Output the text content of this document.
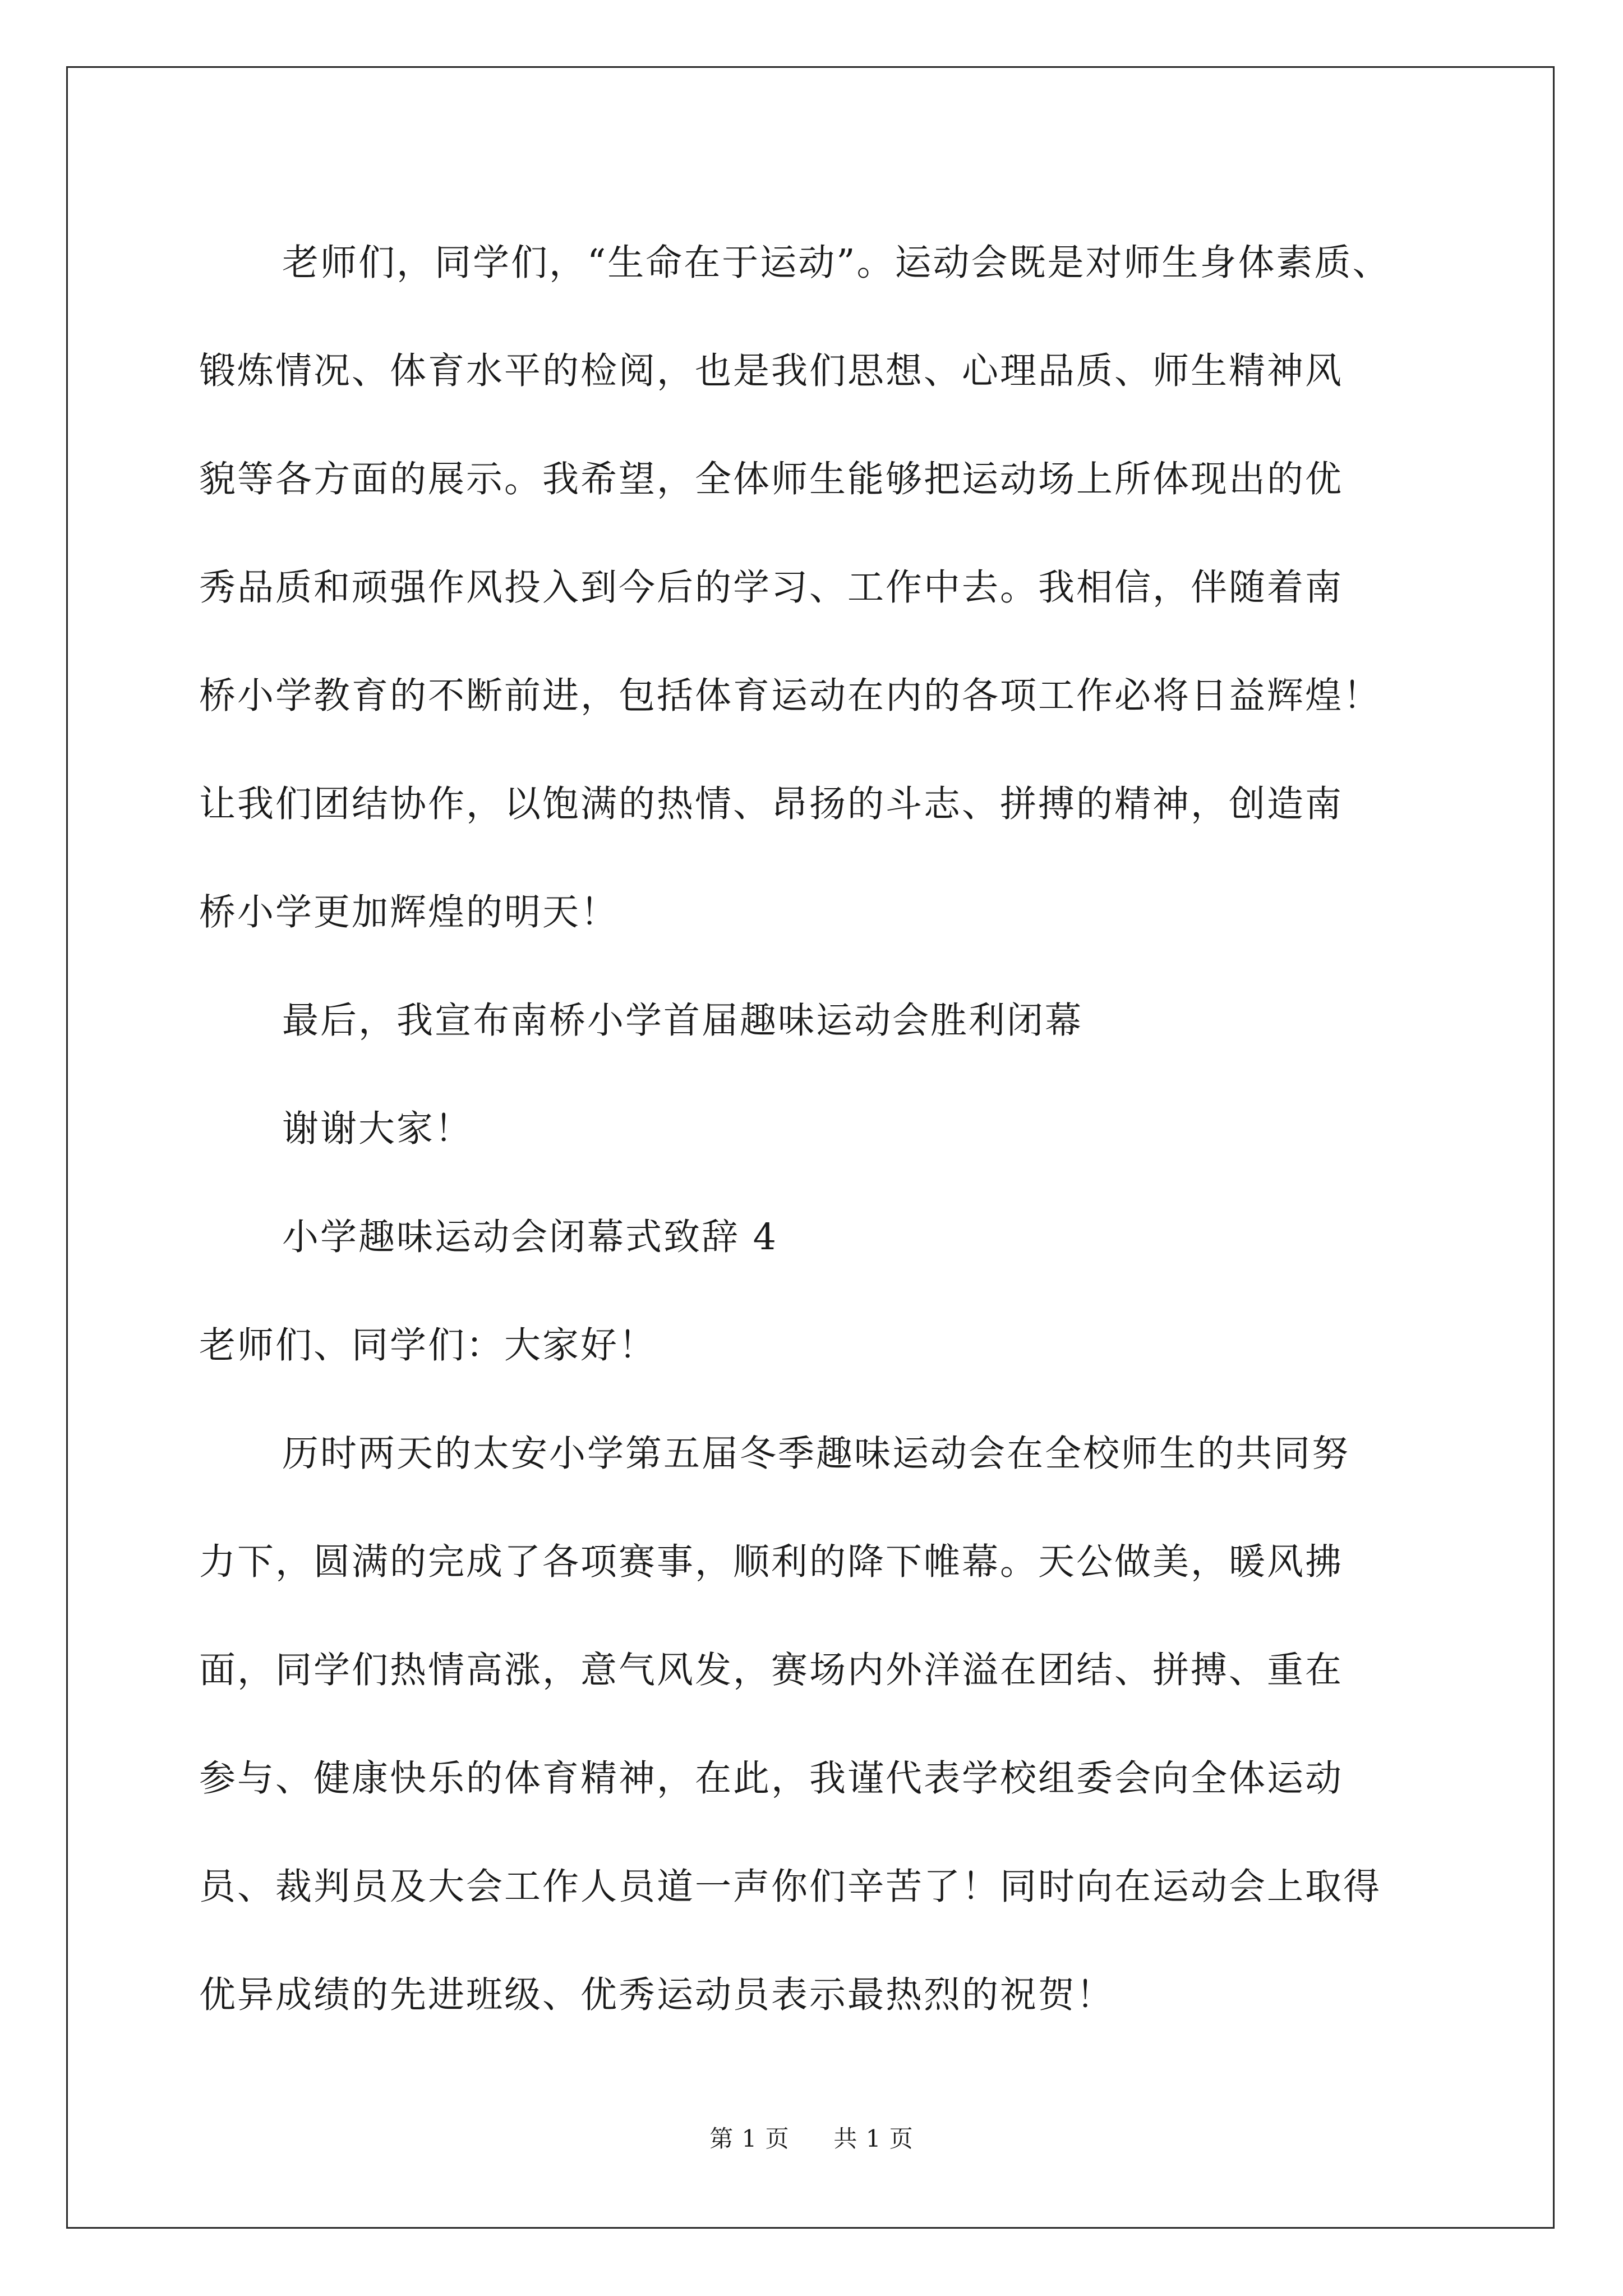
老师们，同学们，“生命在于运动”。运动会既是对师生身体素质、
锻炼情况、体育水平的检阅，也是我们思想、心理品质、师生精神风
貌等各方面的展示。我希望，全体师生能够把运动场上所体现出的优
秀品质和顽强作风投入到今后的学习、工作中去。我相信，伴随着南
桥小学教育的不断前进，包括体育运动在内的各项工作必将日益辉煌！
让我们团结协作，以饱满的热情、昂扬的斗志、拼搏的精神，创造南
桥小学更加辉煌的明天！

最后，我宣布南桥小学首届趣味运动会胜利闭幕

谢谢大家！

小学趣味运动会闭幕式致辞 4

老师们、同学们：大家好！

历时两天的太安小学第五届冬季趣味运动会在全校师生的共同努
力下，圆满的完成了各项赛事，顺利的降下帷幕。天公做美，暖风拂
面，同学们热情高涨，意气风发，赛场内外洋溢在团结、拼搏、重在
参与、健康快乐的体育精神，在此，我谨代表学校组委会向全体运动
员、裁判员及大会工作人员道一声你们辛苦了！同时向在运动会上取得
优异成绩的先进班级、优秀运动员表示最热烈的祝贺！

第 1 页 共 1 页
